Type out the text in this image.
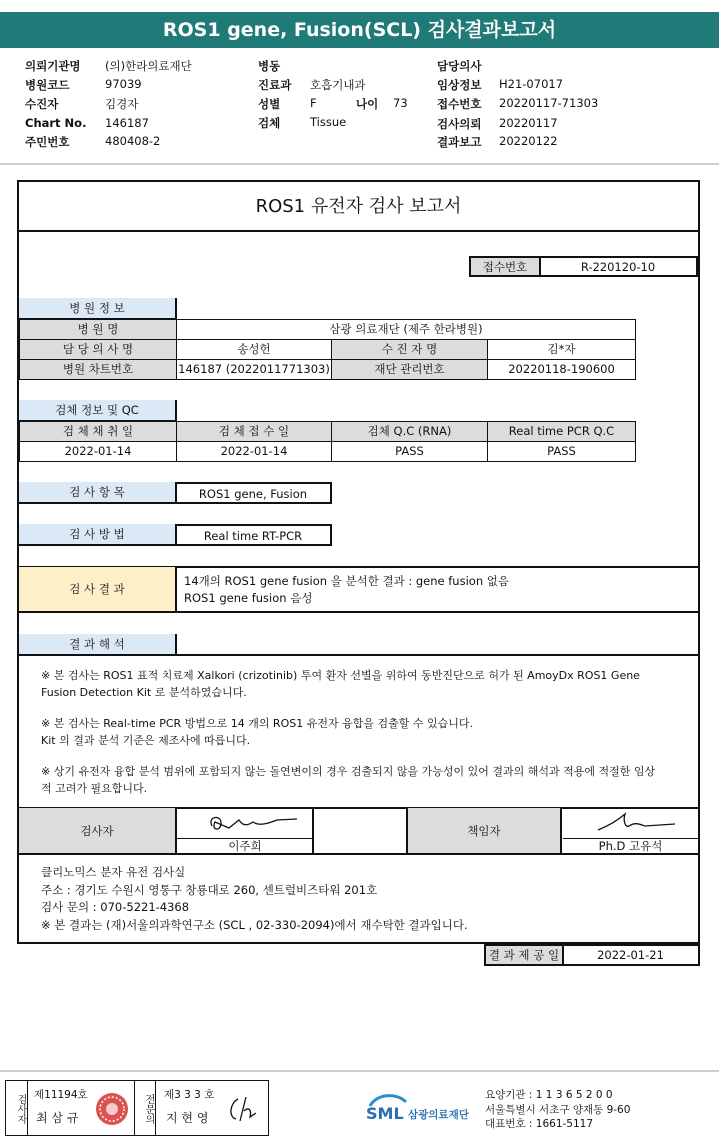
ROS1 gene, Fusion(SCL) 검사결과보고서
의뢰기관명 (의)한라의료재단
병원코드	97039
수진자	김경자
Chart No. 146187
주민번호	480408-2
병동
진료과 호흡기내과
성별	F	나이 73
검체	Tissue
담당의사
임상정보 H21-07017
접수번호 20220117-71303
검사의뢰 20220117
결과보고 20220122
ROS1 유전자 검사 보고서
접수번호	R-220120-10
병 원 정 보
병 원 명	삼광 의료재단 (제주 한라병원)
담 당 의 사 명	송성헌	수 진 자 명	김*자
병원 차트번호	146187 (2022011771303)	재단 관리번호	20220118-190600
검체 정보 및 QC
검 체 채 취 일	검 체 접 수 일	검체 Q.C (RNA)	Real time PCR Q.C
2022-01-14	2022-01-14	PASS	PASS
검 사 항 목	ROS1 gene, Fusion
검 사 방 법	Real time RT-PCR
검 사 결 과
14개의 ROS1 gene fusion 을 분석한 결과 : gene fusion 없음
ROS1 gene fusion 음성
결 과 해 석
※ 본 검사는 ROS1 표적 치료제 Xalkori (crizotinib) 투여 환자 선별을 위하여 동반진단으로 허가 된 AmoyDx ROS1 Gene
Fusion Detection Kit 로 분석하였습니다.
※ 본 검사는 Real-time PCR 방법으로 14 개의 ROS1 유전자 융합을 검출할 수 있습니다.
Kit 의 결과 분석 기준은 제조사에 따릅니다.
※ 상기 유전자 융합 분석 범위에 포함되지 않는 돌연변이의 경우 검출되지 않을 가능성이 있어 결과의 해석과 적용에 적절한 임상
적 고려가 필요합니다.
검사자
이주희
책임자
Ph.D 고유석
클리노믹스 분자 유전 검사실
주소 : 경기도 수원시 영통구 창룡대로 260, 센트럴비즈타워 201호
검사 문의 : 070-5221-4368
※ 본 결과는 (재)서울의과학연구소 (SCL , 02-330-2094)에서 재수탁한 결과입니다.
결 과 제 공 일	2022-01-21
검사자 제11194호
최 삼 규	전문의 제3 3 3 호
지 현 영	SML 삼광의료재단
요양기관 : 1 1 3 6 5 2 0 0
서울특별시 서초구 양재동 9-60
대표번호 : 1661-5117
